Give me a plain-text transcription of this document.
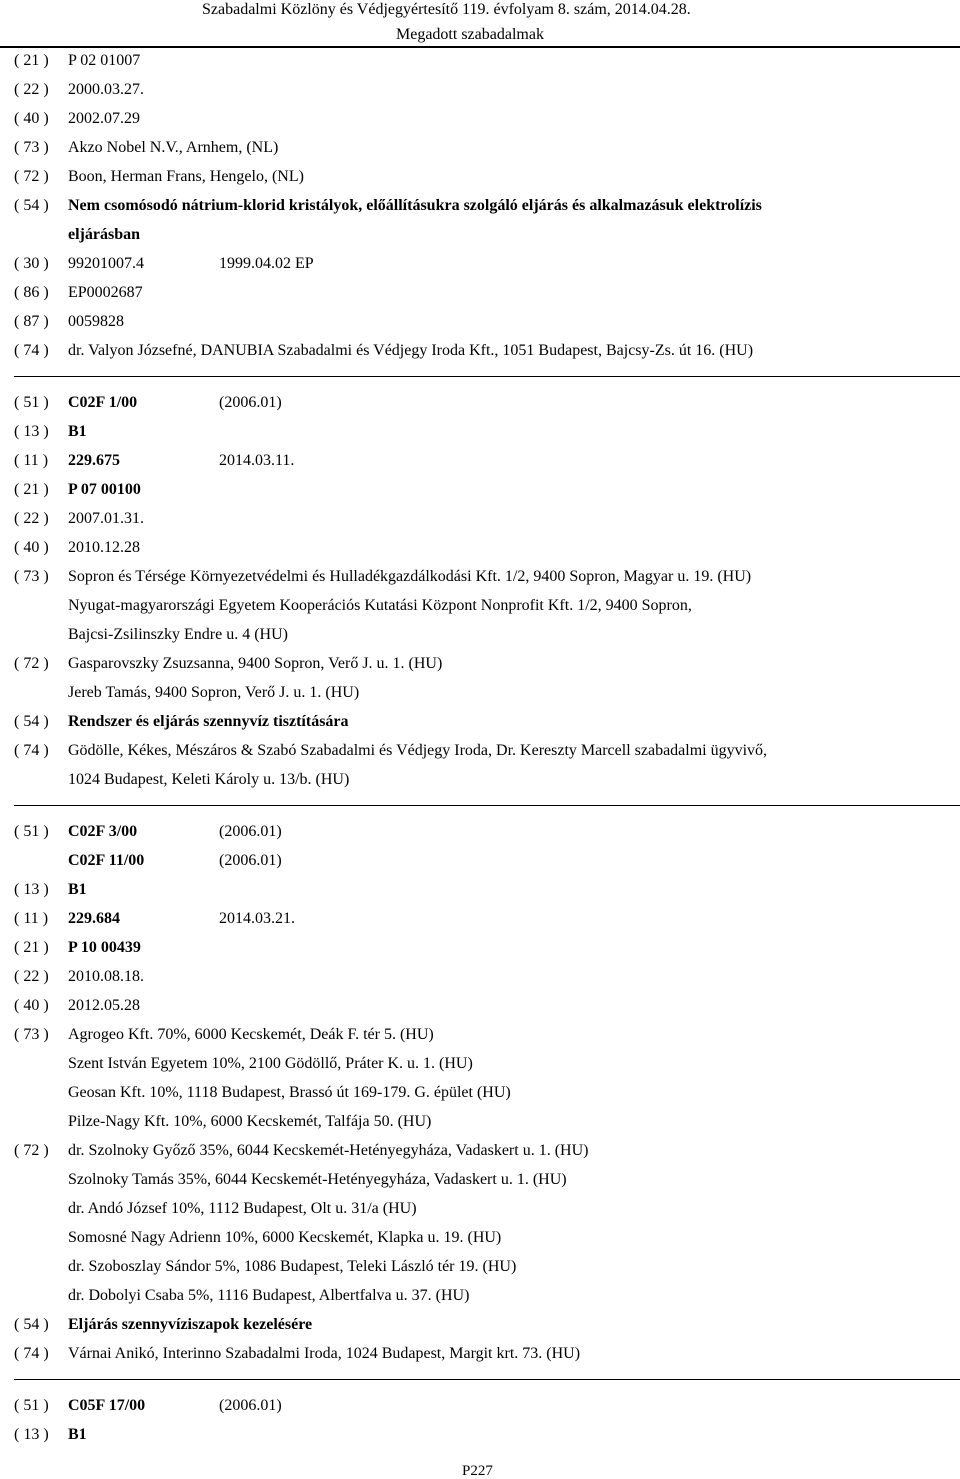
Szabadalmi Közlöny és Védjegyértesítő 119. évfolyam 8. szám, 2014.04.28.
Megadott szabadalmak
( 21 )	P 02 01007
( 22 )	2000.03.27.
( 40 )	2002.07.29
( 73 )	Akzo Nobel N.V., Arnhem, (NL)
( 72 )	Boon, Herman Frans, Hengelo, (NL)
( 54 )	Nem csomósodó nátrium-klorid kristályok, előállításukra szolgáló eljárás és alkalmazásuk elektrolízis
eljárásban
( 30 )	99201007.4	1999.04.02 EP
( 86 )	EP0002687
( 87 )	0059828
( 74 )	dr. Valyon Józsefné, DANUBIA Szabadalmi és Védjegy Iroda Kft., 1051 Budapest, Bajcsy-Zs. út 16. (HU)
( 51 )	C02F 1/00	(2006.01)
( 13 )	B1
( 11 )	229.675	2014.03.11.
( 21 )	P 07 00100
( 22 )	2007.01.31.
( 40 )	2010.12.28
( 73 )	Sopron és Térsége Környezetvédelmi és Hulladékgazdálkodási Kft. 1/2, 9400 Sopron, Magyar u. 19. (HU)
Nyugat-magyarországi Egyetem Kooperációs Kutatási Központ Nonprofit Kft. 1/2, 9400 Sopron,
Bajcsi-Zsilinszky Endre u. 4 (HU)
( 72 )	Gasparovszky Zsuzsanna, 9400 Sopron, Verő J. u. 1. (HU)
Jereb Tamás, 9400 Sopron, Verő J. u. 1. (HU)
( 54 )	Rendszer és eljárás szennyvíz tisztítására
( 74 )	Gödölle, Kékes, Mészáros & Szabó Szabadalmi és Védjegy Iroda, Dr. Kereszty Marcell szabadalmi ügyvivő,
1024 Budapest, Keleti Károly u. 13/b. (HU)
( 51 )	C02F 3/00	(2006.01)
C02F 11/00	(2006.01)
( 13 )	B1
( 11 )	229.684	2014.03.21.
( 21 )	P 10 00439
( 22 )	2010.08.18.
( 40 )	2012.05.28
( 73 )	Agrogeo Kft. 70%, 6000 Kecskemét, Deák F. tér 5. (HU)
Szent István Egyetem 10%, 2100 Gödöllő, Práter K. u. 1. (HU)
Geosan Kft. 10%, 1118 Budapest, Brassó út 169-179. G. épület (HU)
Pilze-Nagy Kft. 10%, 6000 Kecskemét, Talfája 50. (HU)
( 72 )	dr. Szolnoky Győző 35%, 6044 Kecskemét-Hetényegyháza, Vadaskert u. 1. (HU)
Szolnoky Tamás 35%, 6044 Kecskemét-Hetényegyháza, Vadaskert u. 1. (HU)
dr. Andó József 10%, 1112 Budapest, Olt u. 31/a (HU)
Somosné Nagy Adrienn 10%, 6000 Kecskemét, Klapka u. 19. (HU)
dr. Szoboszlay Sándor 5%, 1086 Budapest, Teleki László tér 19. (HU)
dr. Dobolyi Csaba 5%, 1116 Budapest, Albertfalva u. 37. (HU)
( 54 )	Eljárás szennyvíziszapok kezelésére
( 74 )	Várnai Anikó, Interinno Szabadalmi Iroda, 1024 Budapest, Margit krt. 73. (HU)
( 51 )	C05F 17/00	(2006.01)
( 13 )	B1
P227
